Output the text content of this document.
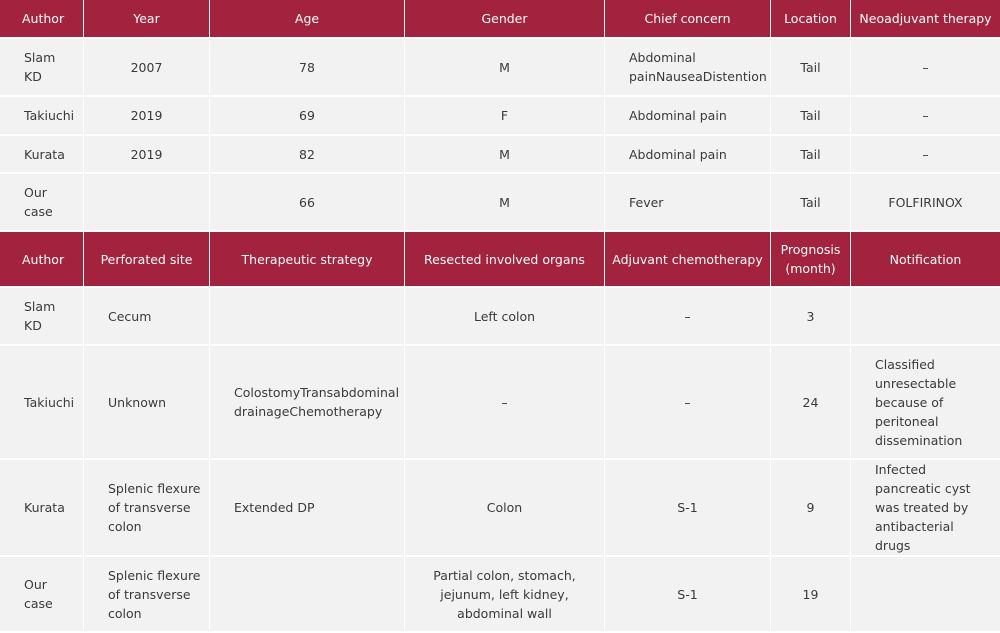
Author	Year	Age	Gender	Chief concern	Location	Neoadjuvant therapy
Slam KD	2007	78	M	Abdominal painNauseaDistention	Tail	–
Takiuchi	2019	69	F	Abdominal pain	Tail	–
Kurata	2019	82	M	Abdominal pain	Tail	–
Our case		66	M	Fever	Tail	FOLFIRINOX
Author	Perforated site	Therapeutic strategy	Resected involved organs	Adjuvant chemotherapy	Prognosis (month)	Notification
Slam KD	Cecum		Left colon	–	3	
Takiuchi	Unknown	ColostomyTransabdominal drainageChemotherapy	–	–	24	Classified unresectable because of peritoneal dissemination
Kurata	Splenic flexure of transverse colon	Extended DP	Colon	S-1	9	Infected pancreatic cyst was treated by antibacterial drugs
Our case	Splenic flexure of transverse colon		Partial colon, stomach, jejunum, left kidney, abdominal wall	S-1	19	
